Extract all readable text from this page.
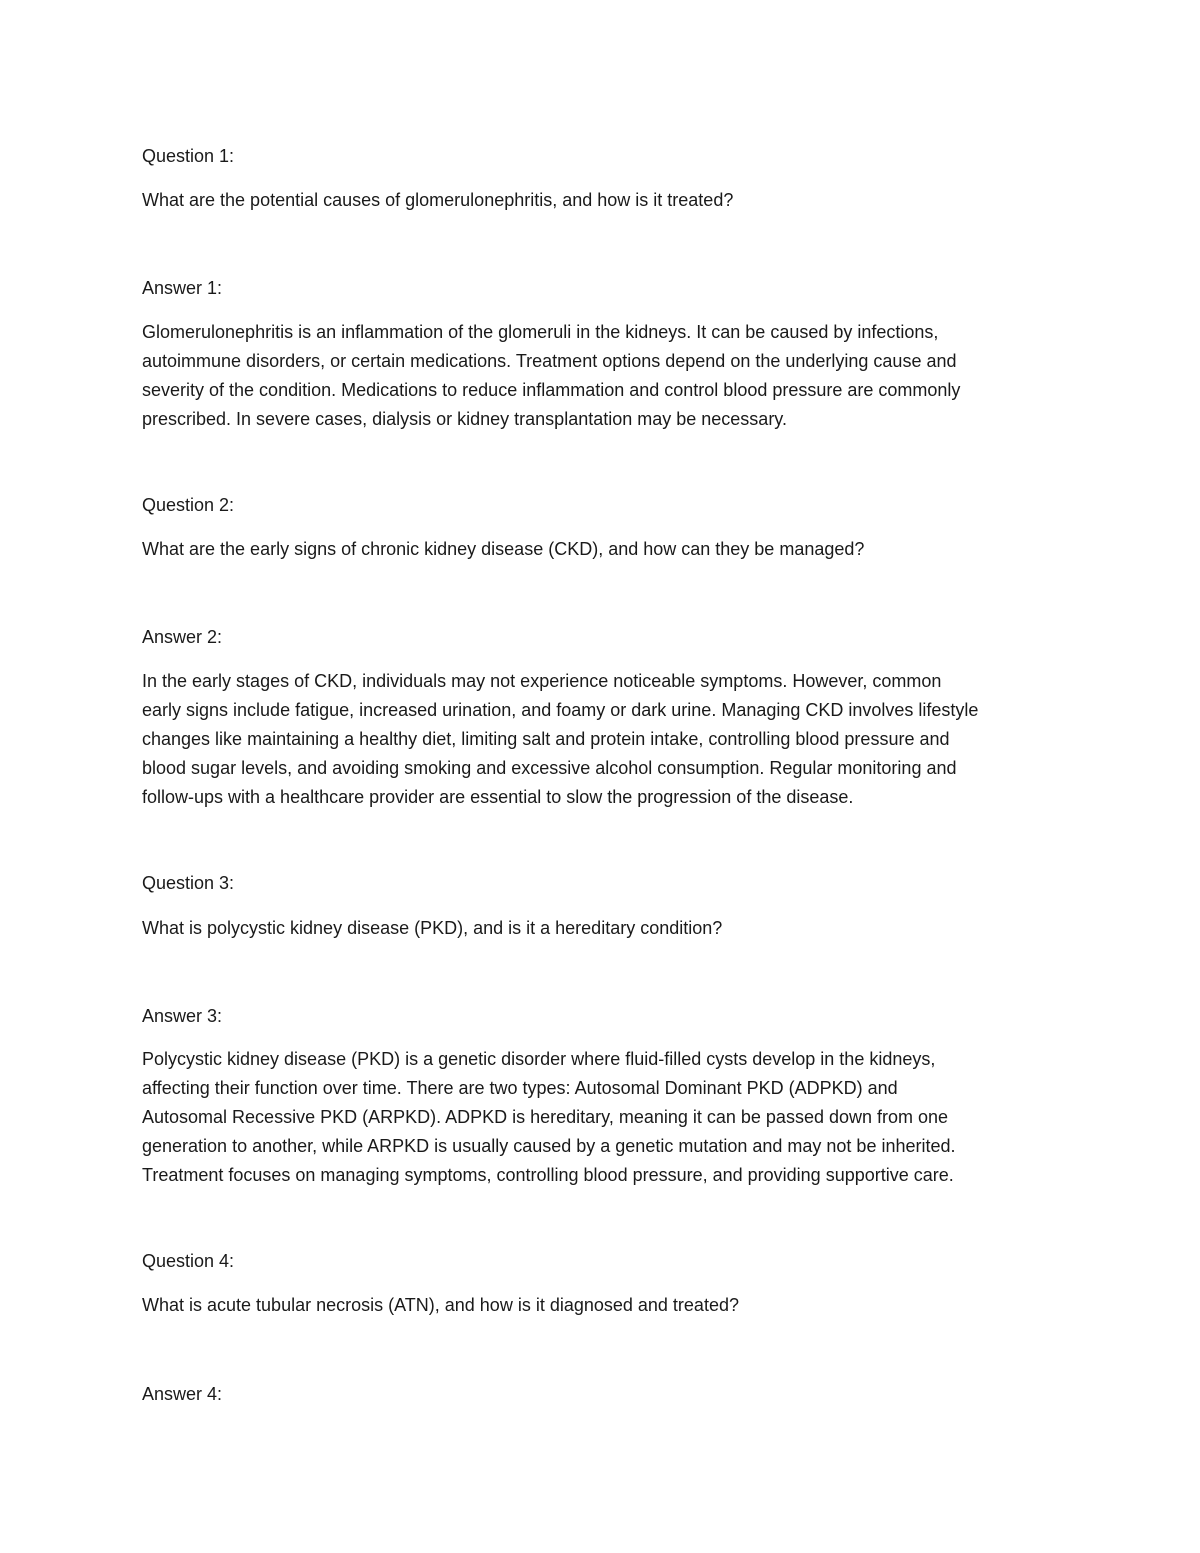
Question 1:

What are the potential causes of glomerulonephritis, and how is it treated?

Answer 1:

Glomerulonephritis is an inflammation of the glomeruli in the kidneys. It can be caused by infections,
autoimmune disorders, or certain medications. Treatment options depend on the underlying cause and
severity of the condition. Medications to reduce inflammation and control blood pressure are commonly
prescribed. In severe cases, dialysis or kidney transplantation may be necessary.

Question 2:

What are the early signs of chronic kidney disease (CKD), and how can they be managed?

Answer 2:

In the early stages of CKD, individuals may not experience noticeable symptoms. However, common
early signs include fatigue, increased urination, and foamy or dark urine. Managing CKD involves lifestyle
changes like maintaining a healthy diet, limiting salt and protein intake, controlling blood pressure and
blood sugar levels, and avoiding smoking and excessive alcohol consumption. Regular monitoring and
follow-ups with a healthcare provider are essential to slow the progression of the disease.

Question 3:

What is polycystic kidney disease (PKD), and is it a hereditary condition?

Answer 3:

Polycystic kidney disease (PKD) is a genetic disorder where fluid-filled cysts develop in the kidneys,
affecting their function over time. There are two types: Autosomal Dominant PKD (ADPKD) and
Autosomal Recessive PKD (ARPKD). ADPKD is hereditary, meaning it can be passed down from one
generation to another, while ARPKD is usually caused by a genetic mutation and may not be inherited.
Treatment focuses on managing symptoms, controlling blood pressure, and providing supportive care.

Question 4:

What is acute tubular necrosis (ATN), and how is it diagnosed and treated?

Answer 4:
